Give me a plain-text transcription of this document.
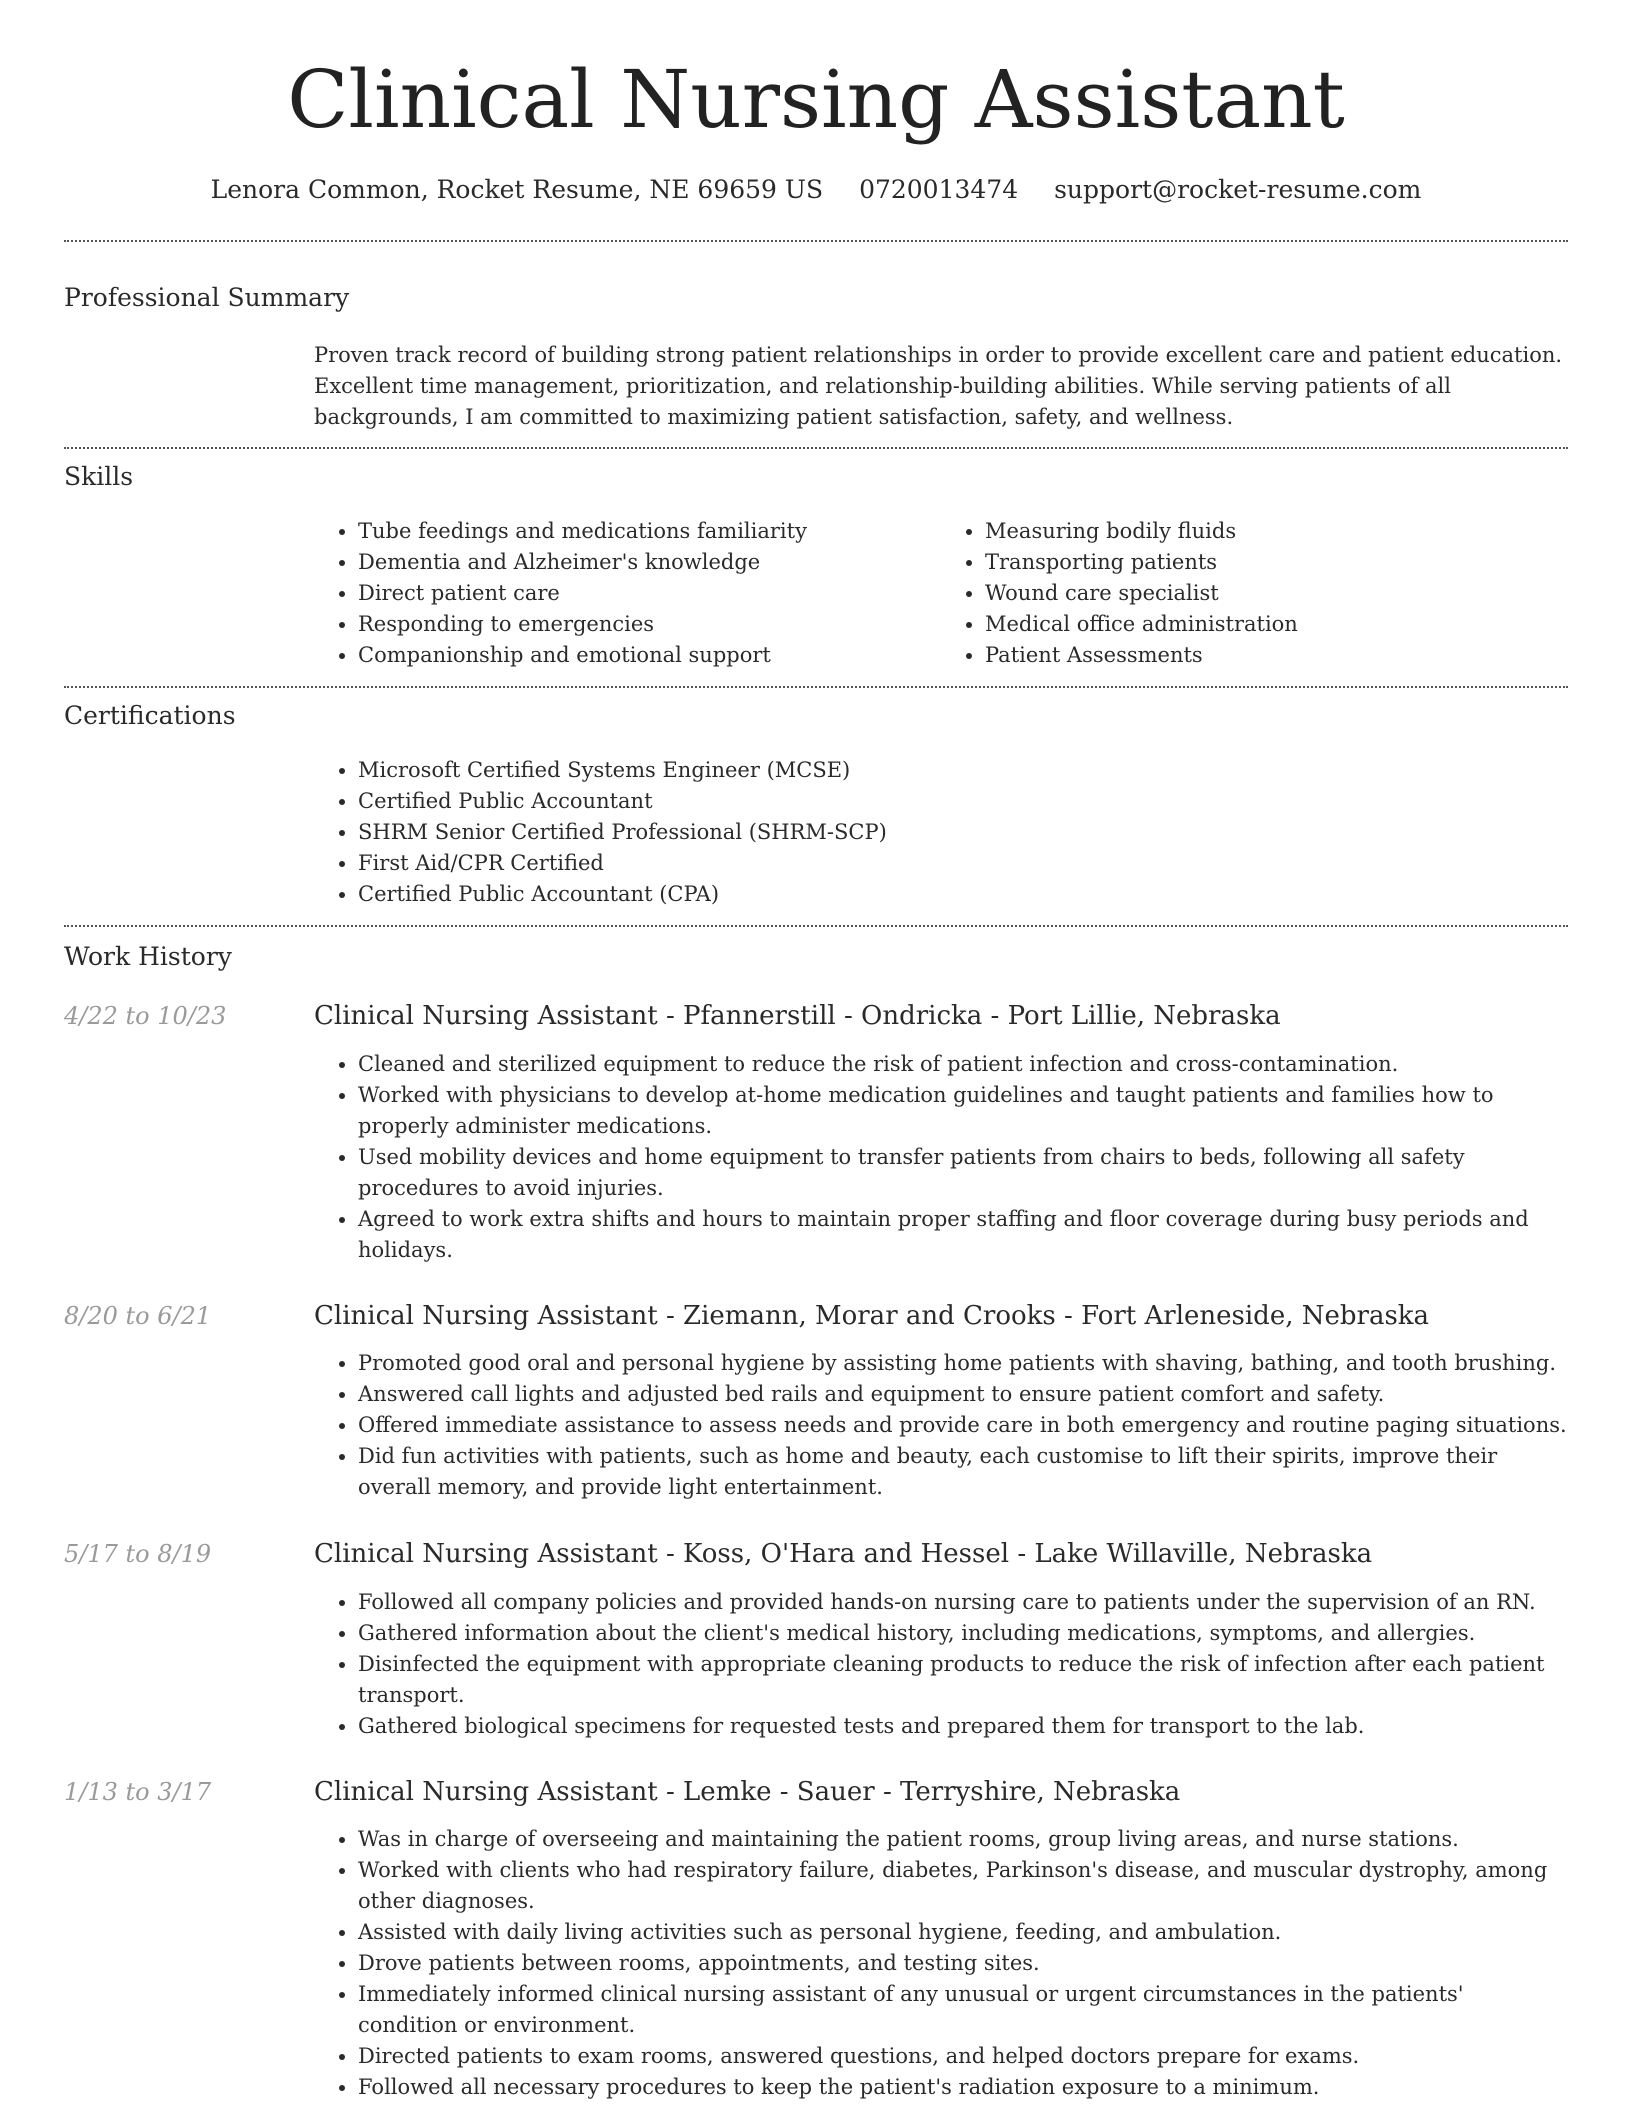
Clinical Nursing Assistant
Lenora Common, Rocket Resume, NE 69659 US 0720013474 support@rocket-resume.com
Professional Summary

Proven track record of building strong patient relationships in order to provide excellent care and patient education. Excellent time management, prioritization, and relationship-building abilities. While serving patients of all backgrounds, I am committed to maximizing patient satisfaction, safety, and wellness.

Skills
• Tube feedings and medications familiarity
• Dementia and Alzheimer's knowledge
• Direct patient care
• Responding to emergencies
• Companionship and emotional support
• Measuring bodily fluids
• Transporting patients
• Wound care specialist
• Medical office administration
• Patient Assessments
Certifications
• Microsoft Certified Systems Engineer (MCSE)
• Certified Public Accountant
• SHRM Senior Certified Professional (SHRM-SCP)
• First Aid/CPR Certified
• Certified Public Accountant (CPA)
Work History
4/22 to 10/23	Clinical Nursing Assistant - Pfannerstill - Ondricka - Port Lillie, Nebraska
• Cleaned and sterilized equipment to reduce the risk of patient infection and cross-contamination.
• Worked with physicians to develop at-home medication guidelines and taught patients and families how to properly administer medications.
• Used mobility devices and home equipment to transfer patients from chairs to beds, following all safety procedures to avoid injuries.
• Agreed to work extra shifts and hours to maintain proper staffing and floor coverage during busy periods and holidays.
8/20 to 6/21	Clinical Nursing Assistant - Ziemann, Morar and Crooks - Fort Arleneside, Nebraska
• Promoted good oral and personal hygiene by assisting home patients with shaving, bathing, and tooth brushing.
• Answered call lights and adjusted bed rails and equipment to ensure patient comfort and safety.
• Offered immediate assistance to assess needs and provide care in both emergency and routine paging situations.
• Did fun activities with patients, such as home and beauty, each customise to lift their spirits, improve their overall memory, and provide light entertainment.
5/17 to 8/19	Clinical Nursing Assistant - Koss, O'Hara and Hessel - Lake Willaville, Nebraska
• Followed all company policies and provided hands-on nursing care to patients under the supervision of an RN.
• Gathered information about the client's medical history, including medications, symptoms, and allergies.
• Disinfected the equipment with appropriate cleaning products to reduce the risk of infection after each patient transport.
• Gathered biological specimens for requested tests and prepared them for transport to the lab.
1/13 to 3/17	Clinical Nursing Assistant - Lemke - Sauer - Terryshire, Nebraska
• Was in charge of overseeing and maintaining the patient rooms, group living areas, and nurse stations.
• Worked with clients who had respiratory failure, diabetes, Parkinson's disease, and muscular dystrophy, among other diagnoses.
• Assisted with daily living activities such as personal hygiene, feeding, and ambulation.
• Drove patients between rooms, appointments, and testing sites.
• Immediately informed clinical nursing assistant of any unusual or urgent circumstances in the patients' condition or environment.
• Directed patients to exam rooms, answered questions, and helped doctors prepare for exams.
• Followed all necessary procedures to keep the patient's radiation exposure to a minimum.
